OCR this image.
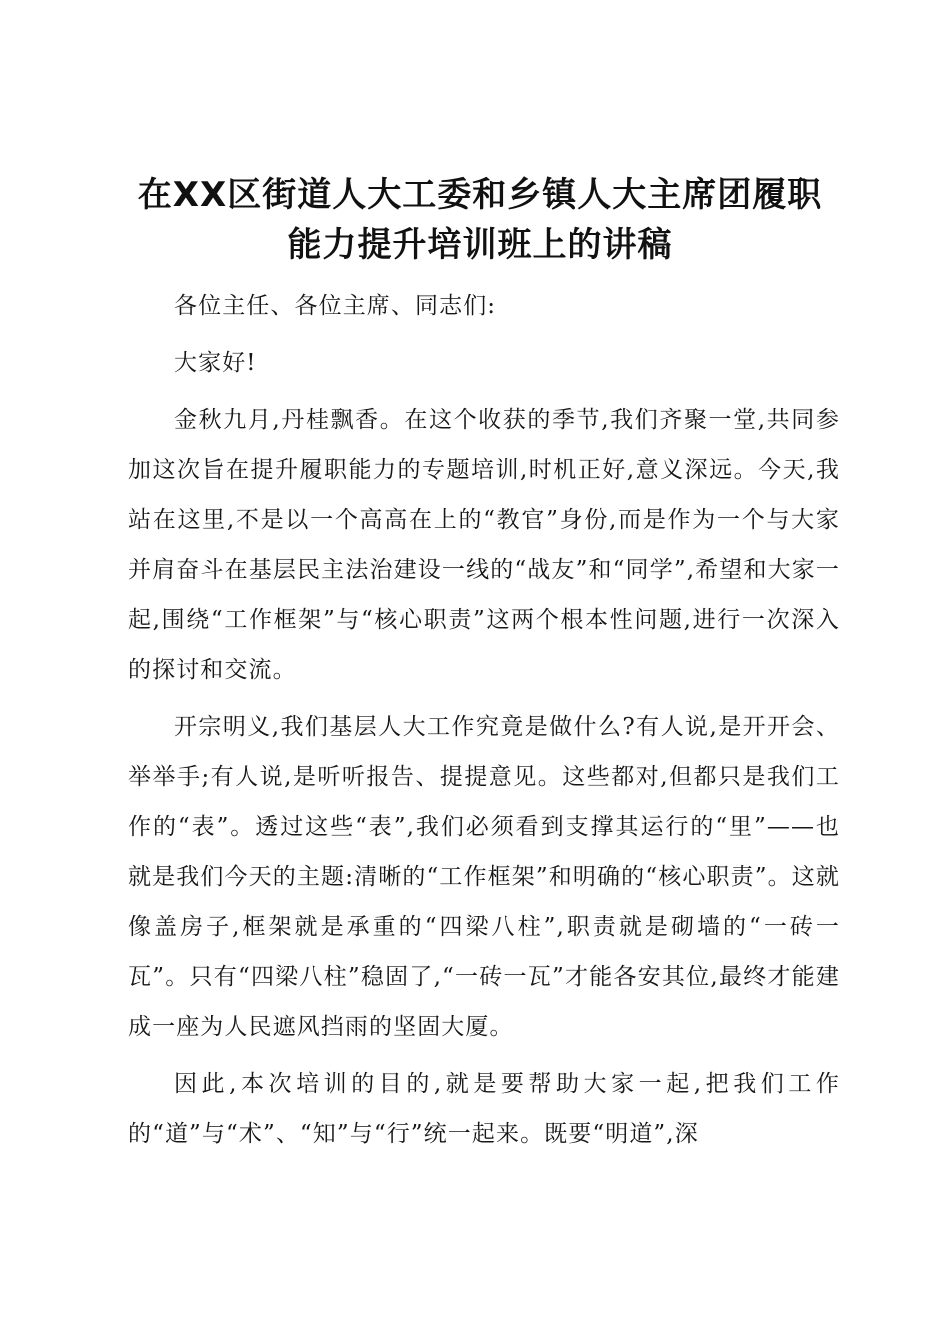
在XX区街道人大工委和乡镇人大主席团履职
能力提升培训班上的讲稿

各位主任、各位主席、同志们:

大家好!

金秋九月,丹桂飘香。在这个收获的季节,我们齐聚一堂,共同参加这次旨在提升履职能力的专题培训,时机正好,意义深远。今天,我站在这里,不是以一个高高在上的“教官”身份,而是作为一个与大家并肩奋斗在基层民主法治建设一线的“战友”和“同学”,希望和大家一起,围绕“工作框架”与“核心职责”这两个根本性问题,进行一次深入的探讨和交流。

开宗明义,我们基层人大工作究竟是做什么?有人说,是开开会、举举手;有人说,是听听报告、提提意见。这些都对,但都只是我们工作的“表”。透过这些“表”,我们必须看到支撑其运行的“里”——也就是我们今天的主题:清晰的“工作框架”和明确的“核心职责”。这就像盖房子,框架就是承重的“四梁八柱”,职责就是砌墙的“一砖一瓦”。只有“四梁八柱”稳固了,“一砖一瓦”才能各安其位,最终才能建成一座为人民遮风挡雨的坚固大厦。

因此,本次培训的目的,就是要帮助大家一起,把我们工作的“道”与“术”、“知”与“行”统一起来。既要“明道”,深
